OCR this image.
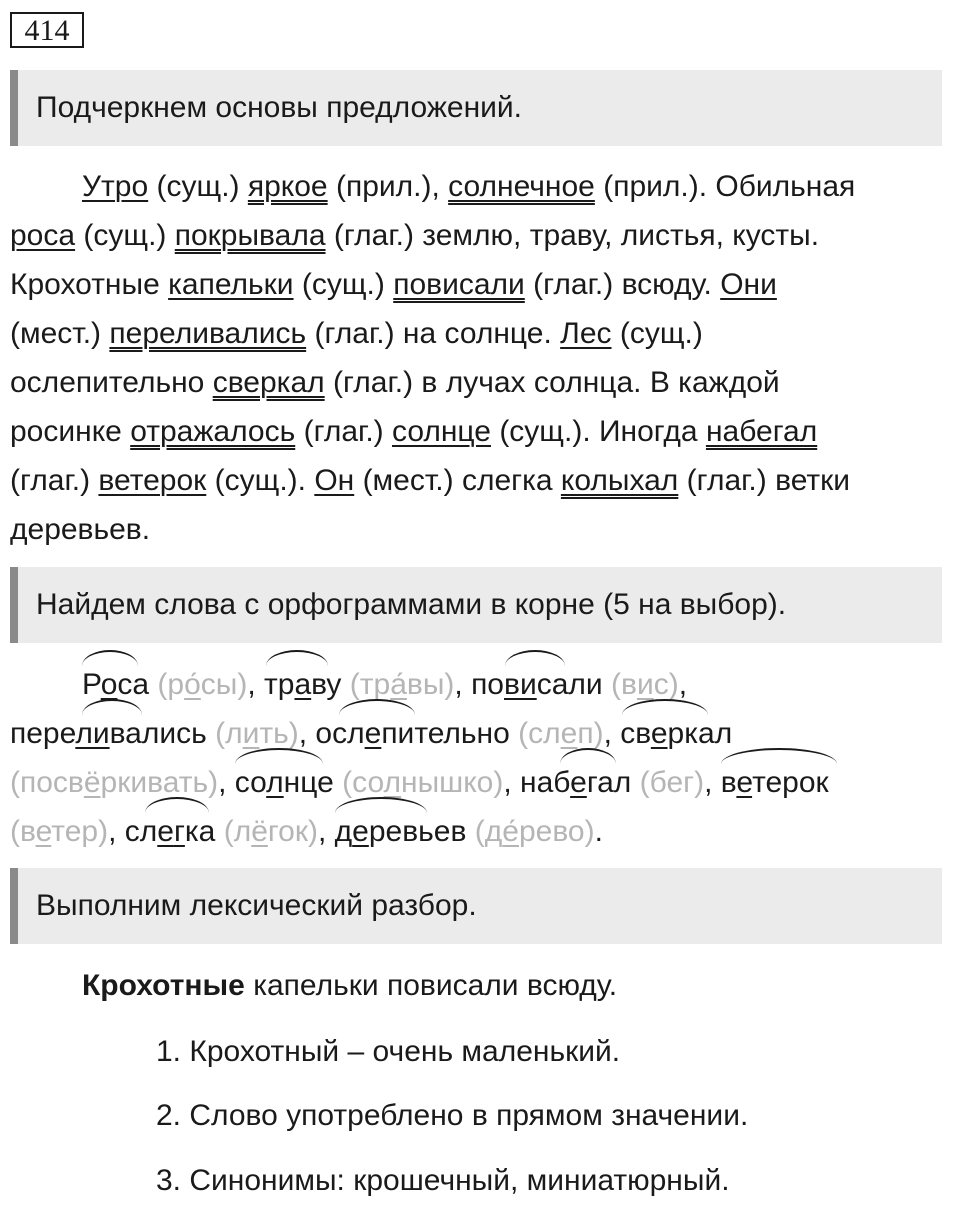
414
Подчеркнем основы предложений.
Утро (сущ.) яркое (прил.), солнечное (прил.). Обильная
роса (сущ.) покрывала (глаг.) землю, траву, листья, кусты.
Крохотные капельки (сущ.) повисали (глаг.) всюду. Они
(мест.) переливались (глаг.) на солнце. Лес (сущ.)
ослепительно сверкал (глаг.) в лучах солнца. В каждой
росинке отражалось (глаг.) солнце (сущ.). Иногда набегал
(глаг.) ветерок (сущ.). Он (мест.) слегка колыхал (глаг.) ветки
деревьев.
Найдем слова с орфограммами в корне (5 на выбор).
Роса (ро́сы),
траву (тра́вы),
повисали (вис),

переливались (лить),
ослепительно (слеп),
сверкал
(посвёркивать),
солнце (солнышко),
набегал (бег),
ветерок
(ветер),
слегка (лёгок),
деревьев (де́рево).
Выполним лексический разбор.
Крохотные капельки повисали всюду.
1. Крохотный – очень маленький.
2. Слово употреблено в прямом значении.
3. Синонимы: крошечный, миниатюрный.
